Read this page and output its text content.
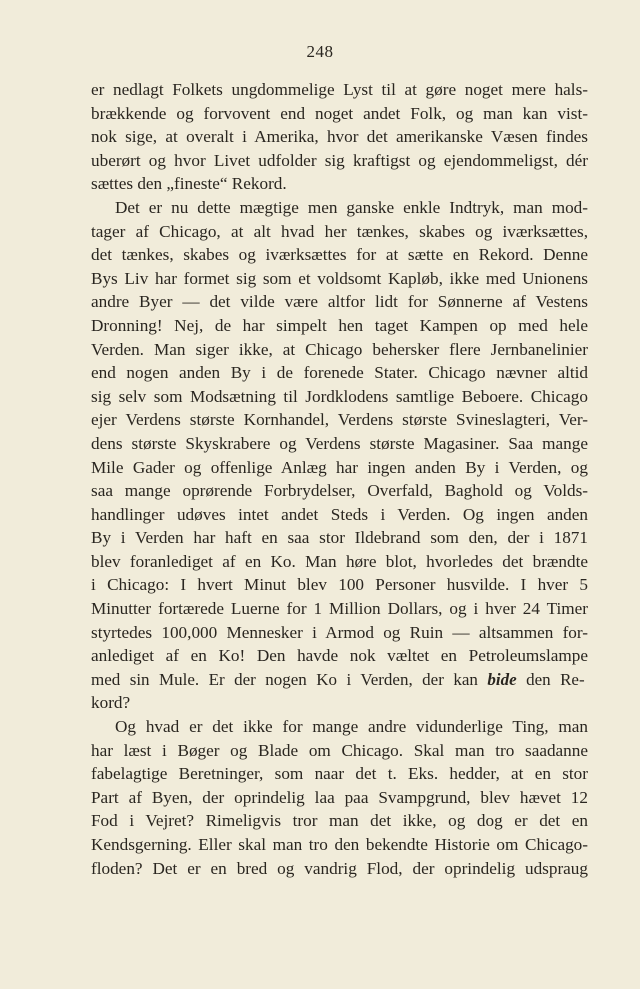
248
er nedlagt Folkets ungdommelige Lyst til at gøre noget mere hals-
brækkende og forvovent end noget andet Folk, og man kan vist-
nok sige, at overalt i Amerika, hvor det amerikanske Væsen findes
uberørt og hvor Livet udfolder sig kraftigst og ejendommeligst, dér
sættes den „fineste“ Rekord.
Det er nu dette mægtige men ganske enkle Indtryk, man mod-
tager af Chicago, at alt hvad her tænkes, skabes og iværksættes,
det tænkes, skabes og iværksættes for at sætte en Rekord. Denne
Bys Liv har formet sig som et voldsomt Kapløb, ikke med Unionens
andre Byer — det vilde være altfor lidt for Sønnerne af Vestens
Dronning! Nej, de har simpelt hen taget Kampen op med hele
Verden. Man siger ikke, at Chicago behersker flere Jernbanelinier
end nogen anden By i de forenede Stater. Chicago nævner altid
sig selv som Modsætning til Jordklodens samtlige Beboere. Chicago
ejer Verdens største Kornhandel, Verdens største Svineslagteri, Ver-
dens største Skyskrabere og Verdens største Magasiner. Saa mange
Mile Gader og offenlige Anlæg har ingen anden By i Verden, og
saa mange oprørende Forbrydelser, Overfald, Baghold og Volds-
handlinger udøves intet andet Steds i Verden. Og ingen anden
By i Verden har haft en saa stor Ildebrand som den, der i 1871
blev foranlediget af en Ko. Man høre blot, hvorledes det brændte
i Chicago: I hvert Minut blev 100 Personer husvilde. I hver 5
Minutter fortærede Luerne for 1 Million Dollars, og i hver 24 Timer
styrtedes 100,000 Mennesker i Armod og Ruin — altsammen for-
anlediget af en Ko! Den havde nok væltet en Petroleumslampe
med sin Mule. Er der nogen Ko i Verden, der kan bide den Re-
kord?
Og hvad er det ikke for mange andre vidunderlige Ting, man
har læst i Bøger og Blade om Chicago. Skal man tro saadanne
fabelagtige Beretninger, som naar det t. Eks. hedder, at en stor
Part af Byen, der oprindelig laa paa Svampgrund, blev hævet 12
Fod i Vejret? Rimeligvis tror man det ikke, og dog er det en
Kendsgerning. Eller skal man tro den bekendte Historie om Chicago-
floden? Det er en bred og vandrig Flod, der oprindelig udspraug
